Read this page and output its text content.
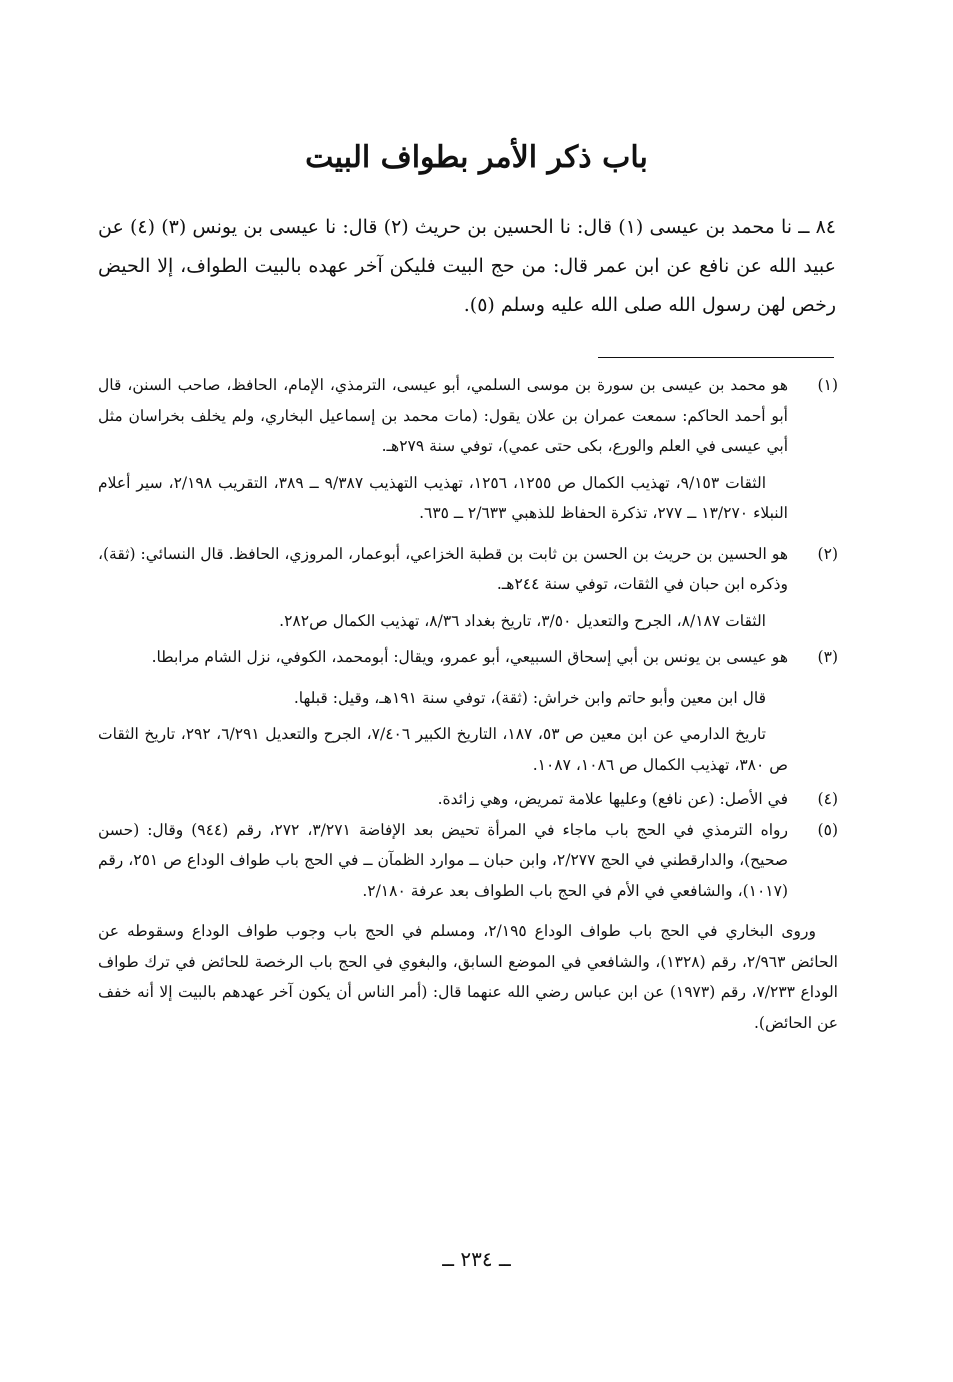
باب ذكر الأمر بطواف البيت

٨٤ ــ نا محمد بن عيسى (١) قال: نا الحسين بن حريث (٢) قال: نا عيسى بن يونس (٣) (٤) عن عبيد الله عن نافع عن ابن عمر قال: من حج البيت فليكن آخر عهده بالبيت الطواف، إلا الحيض رخص لهن رسول الله صلى الله عليه وسلم (٥).

(١)

هو محمد بن عيسى بن سورة بن موسى السلمي، أبو عيسى، الترمذي، الإمام، الحافظ، صاحب السنن، قال أبو أحمد الحاكم: سمعت عمران بن علان يقول: (مات محمد بن إسماعيل البخاري، ولم يخلف بخراسان مثل أبي عيسى في العلم والورع، بكى حتى عمي)، توفي سنة ٢٧٩هـ.

الثقات ٩/١٥٣، تهذيب الكمال ص ١٢٥٥، ١٢٥٦، تهذيب التهذيب ٩/٣٨٧ ــ ٣٨٩، التقريب ٢/١٩٨، سير أعلام النبلاء ١٣/٢٧٠ ــ ٢٧٧، تذكرة الحفاظ للذهبي ٢/٦٣٣ ــ ٦٣٥.

(٢)

هو الحسين بن حريث بن الحسن بن ثابت بن قطبة الخزاعي، أبوعمار، المروزي، الحافظ. قال النسائي: (ثقة)، وذكره ابن حبان في الثقات، توفي سنة ٢٤٤هـ.

الثقات ٨/١٨٧، الجرح والتعديل ٣/٥٠، تاريخ بغداد ٨/٣٦، تهذيب الكمال ص٢٨٢.

(٣)

هو عيسى بن يونس بن أبي إسحاق السبيعي، أبو عمرو، ويقال: أبومحمد، الكوفي، نزل الشام مرابطا.

قال ابن معين وأبو حاتم وابن خراش: (ثقة)، توفي سنة ١٩١هـ، وقيل: قبلها.

تاريخ الدارمي عن ابن معين ص ٥٣، ١٨٧، التاريخ الكبير ٧/٤٠٦، الجرح والتعديل ٦/٢٩١، ٢٩٢، تاريخ الثقات ص ٣٨٠، تهذيب الكمال ص ١٠٨٦، ١٠٨٧.

(٤)

في الأصل: (عن نافع) وعليها علامة تمريض، وهي زائدة.

(٥)

رواه الترمذي في الحج باب ماجاء في المرأة تحيض بعد الإفاضة ٣/٢٧١، ٢٧٢، رقم (٩٤٤) وقال: (حسن صحيح)، والدارقطني في الحج ٢/٢٧٧، وابن حبان ــ موارد الظمآن ــ في الحج باب طواف الوداع ص ٢٥١، رقم (١٠١٧)، والشافعي في الأم في الحج باب الطواف بعد عرفة ٢/١٨٠.

وروى البخاري في الحج باب طواف الوداع ٢/١٩٥، ومسلم في الحج باب وجوب طواف الوداع وسقوطه عن الحائض ٢/٩٦٣، رقم (١٣٢٨)، والشافعي في الموضع السابق، والبغوي في الحج باب الرخصة للحائض في ترك طواف الوداع ٧/٢٣٣، رقم (١٩٧٣) عن ابن عباس رضي الله عنهما قال: (أمر الناس أن يكون آخر عهدهم بالبيت إلا أنه خفف عن الحائض).

ــ ٢٣٤ ــ
